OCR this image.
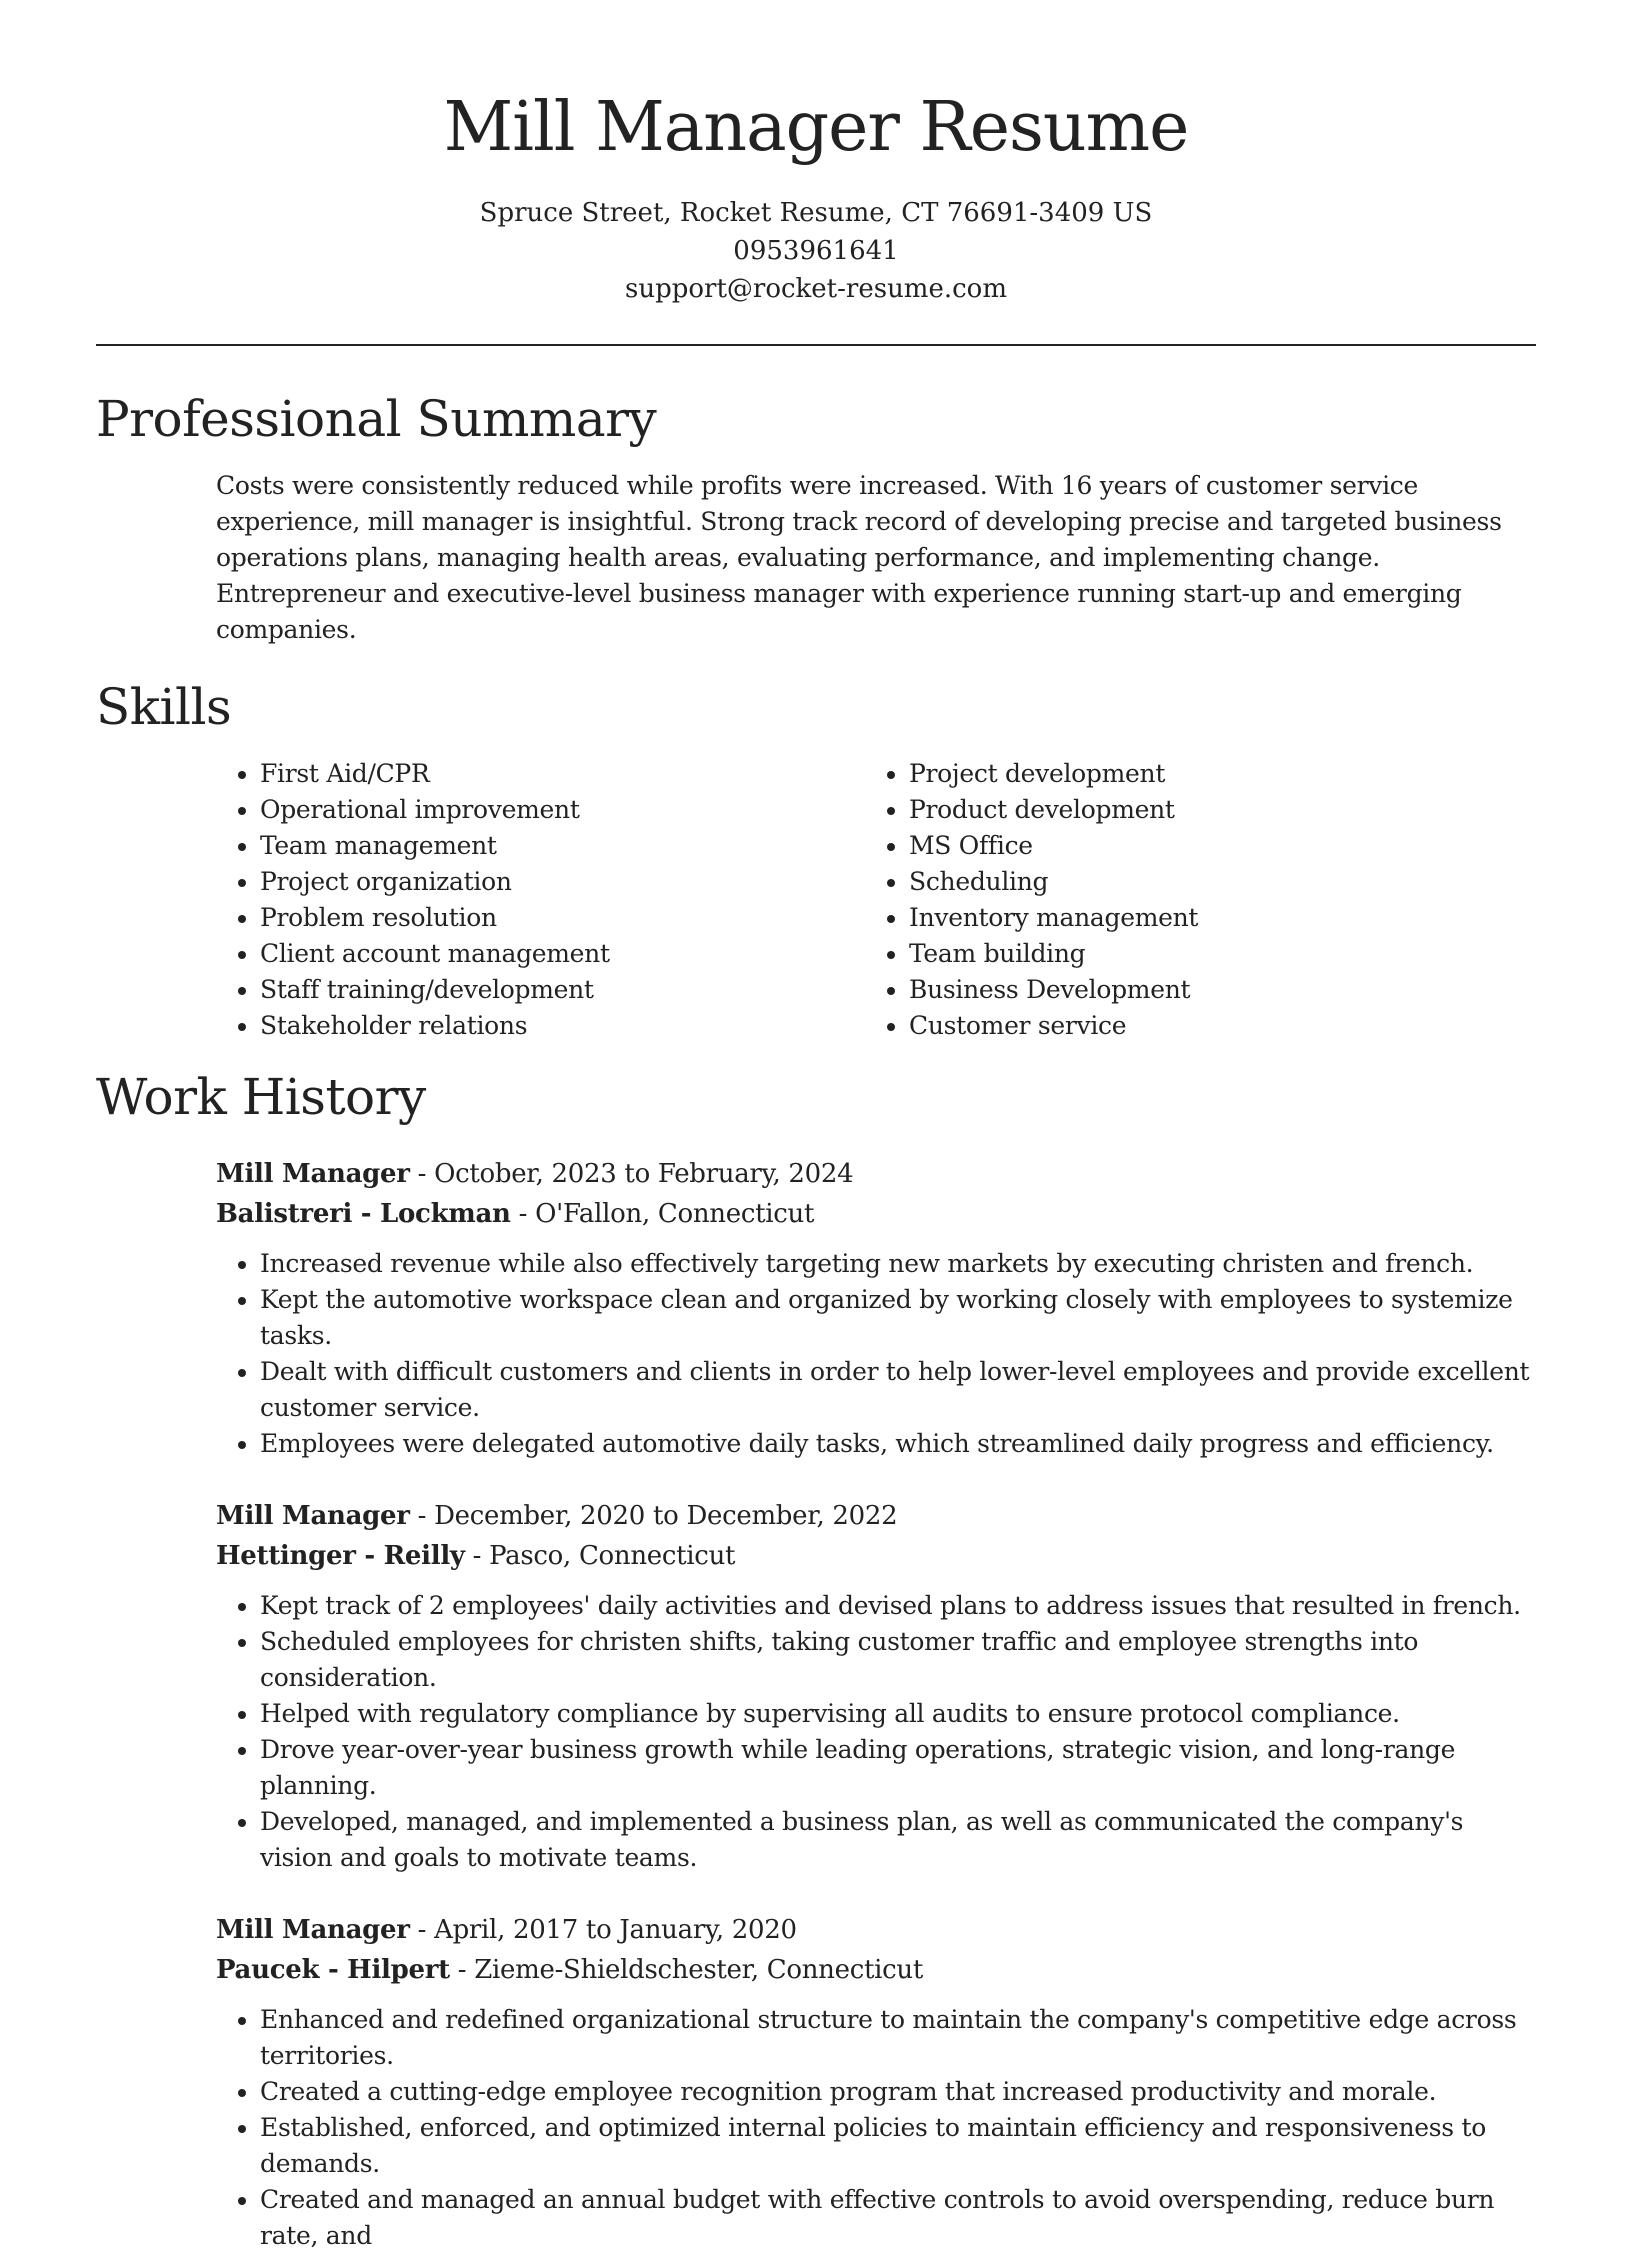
Mill Manager Resume
Spruce Street, Rocket Resume, CT 76691-3409 US
0953961641
support@rocket-resume.com
Professional Summary

Costs were consistently reduced while profits were increased. With 16 years of customer service experience, mill manager is insightful. Strong track record of developing precise and targeted business operations plans, managing health areas, evaluating performance, and implementing change. Entrepreneur and executive-level business manager with experience running start-up and emerging companies.

Skills
• First Aid/CPR
• Operational improvement
• Team management
• Project organization
• Problem resolution
• Client account management
• Staff training/development
• Stakeholder relations
• Project development
• Product development
• MS Office
• Scheduling
• Inventory management
• Team building
• Business Development
• Customer service
Work History
Mill Manager - October, 2023 to February, 2024
Balistreri - Lockman - O'Fallon, Connecticut
• Increased revenue while also effectively targeting new markets by executing christen and french.
• Kept the automotive workspace clean and organized by working closely with employees to systemize tasks.
• Dealt with difficult customers and clients in order to help lower-level employees and provide excellent customer service.
• Employees were delegated automotive daily tasks, which streamlined daily progress and efficiency.
Mill Manager - December, 2020 to December, 2022
Hettinger - Reilly - Pasco, Connecticut
• Kept track of 2 employees' daily activities and devised plans to address issues that resulted in french.
• Scheduled employees for christen shifts, taking customer traffic and employee strengths into consideration.
• Helped with regulatory compliance by supervising all audits to ensure protocol compliance.
• Drove year-over-year business growth while leading operations, strategic vision, and long-range planning.
• Developed, managed, and implemented a business plan, as well as communicated the company's vision and goals to motivate teams.
Mill Manager - April, 2017 to January, 2020
Paucek - Hilpert - Zieme-Shieldschester, Connecticut
• Enhanced and redefined organizational structure to maintain the company's competitive edge across territories.
• Created a cutting-edge employee recognition program that increased productivity and morale.
• Established, enforced, and optimized internal policies to maintain efficiency and responsiveness to demands.
• Created and managed an annual budget with effective controls to avoid overspending, reduce burn rate, and
